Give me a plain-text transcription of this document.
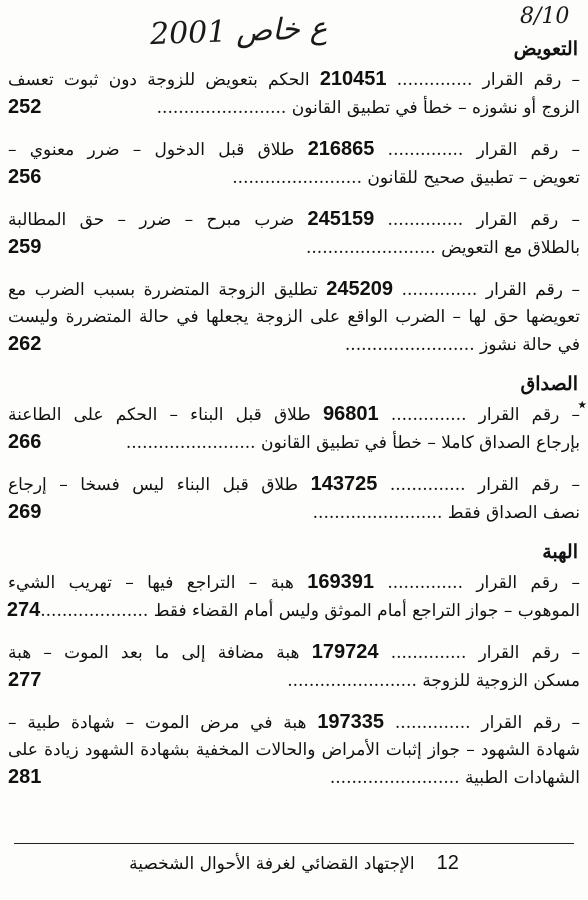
8/10
2001 ع خاص	التعويض
– رقم القرار .............. 210451 الحكم بتعويض للزوجة دون ثبوت تعسف
الزوج أو نشوزه – خطأ في تطبيق القانون ........................
252
– رقم القرار .............. 216865 طلاق قبل الدخول – ضرر معنوي –
تعويض – تطبيق صحيح للقانون ........................
256
– رقم القرار .............. 245159 ضرب مبرح – ضرر – حق المطالبة
بالطلاق مع التعويض ........................
259
– رقم القرار .............. 245209 تطليق الزوجة المتضررة بسبب الضرب مع
تعويضها حق لها – الضرب الواقع على الزوجة يجعلها في حالة المتضررة وليست
في حالة نشوز ........................
262
الصداق
٭
– رقم القرار .............. 96801 طلاق قبل البناء – الحكم على الطاعنة
بإرجاع الصداق كاملا – خطأ في تطبيق القانون ........................
266
– رقم القرار .............. 143725 طلاق قبل البناء ليس فسخا – إرجاع
نصف الصداق فقط ........................
269
الهبة
– رقم القرار .............. 169391 هبة – التراجع فيها – تهريب الشيء
الموهوب – جواز التراجع أمام الموثق وليس أمام القضاء فقط ....................
274
– رقم القرار .............. 179724 هبة مضافة إلى ما بعد الموت – هبة
مسكن الزوجية للزوجة ........................
277
– رقم القرار .............. 197335 هبة في مرض الموت – شهادة طبية –
شهادة الشهود – جواز إثبات الأمراض والحالات المخفية بشهادة الشهود زيادة على
الشهادات الطبية ........................
281
12
الإجتهاد القضائي لغرفة الأحوال الشخصية
